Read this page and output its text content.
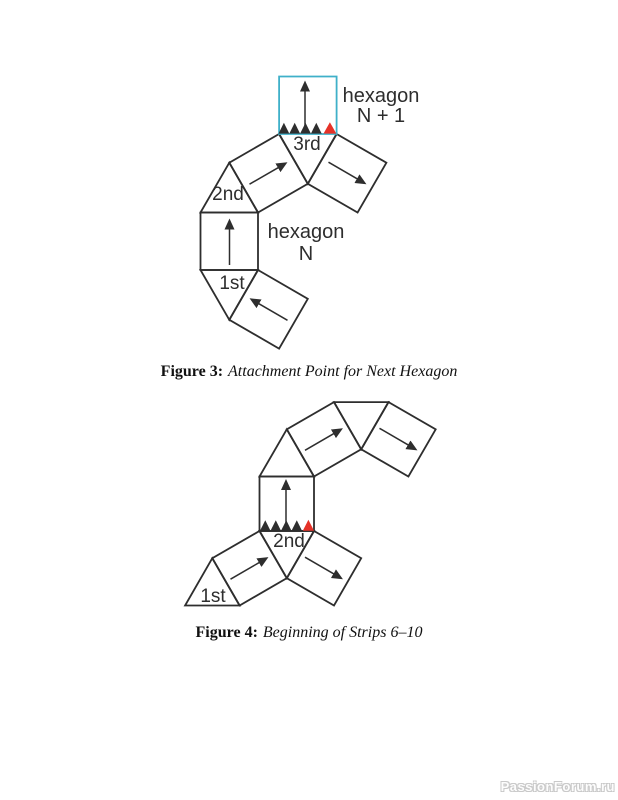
3rd
2nd
1st
hexagon
N
hexagon
N + 1
2nd
1st
Figure 3: Attachment Point for Next Hexagon
Figure 4: Beginning of Strips 6–10
PassionForum.ru
